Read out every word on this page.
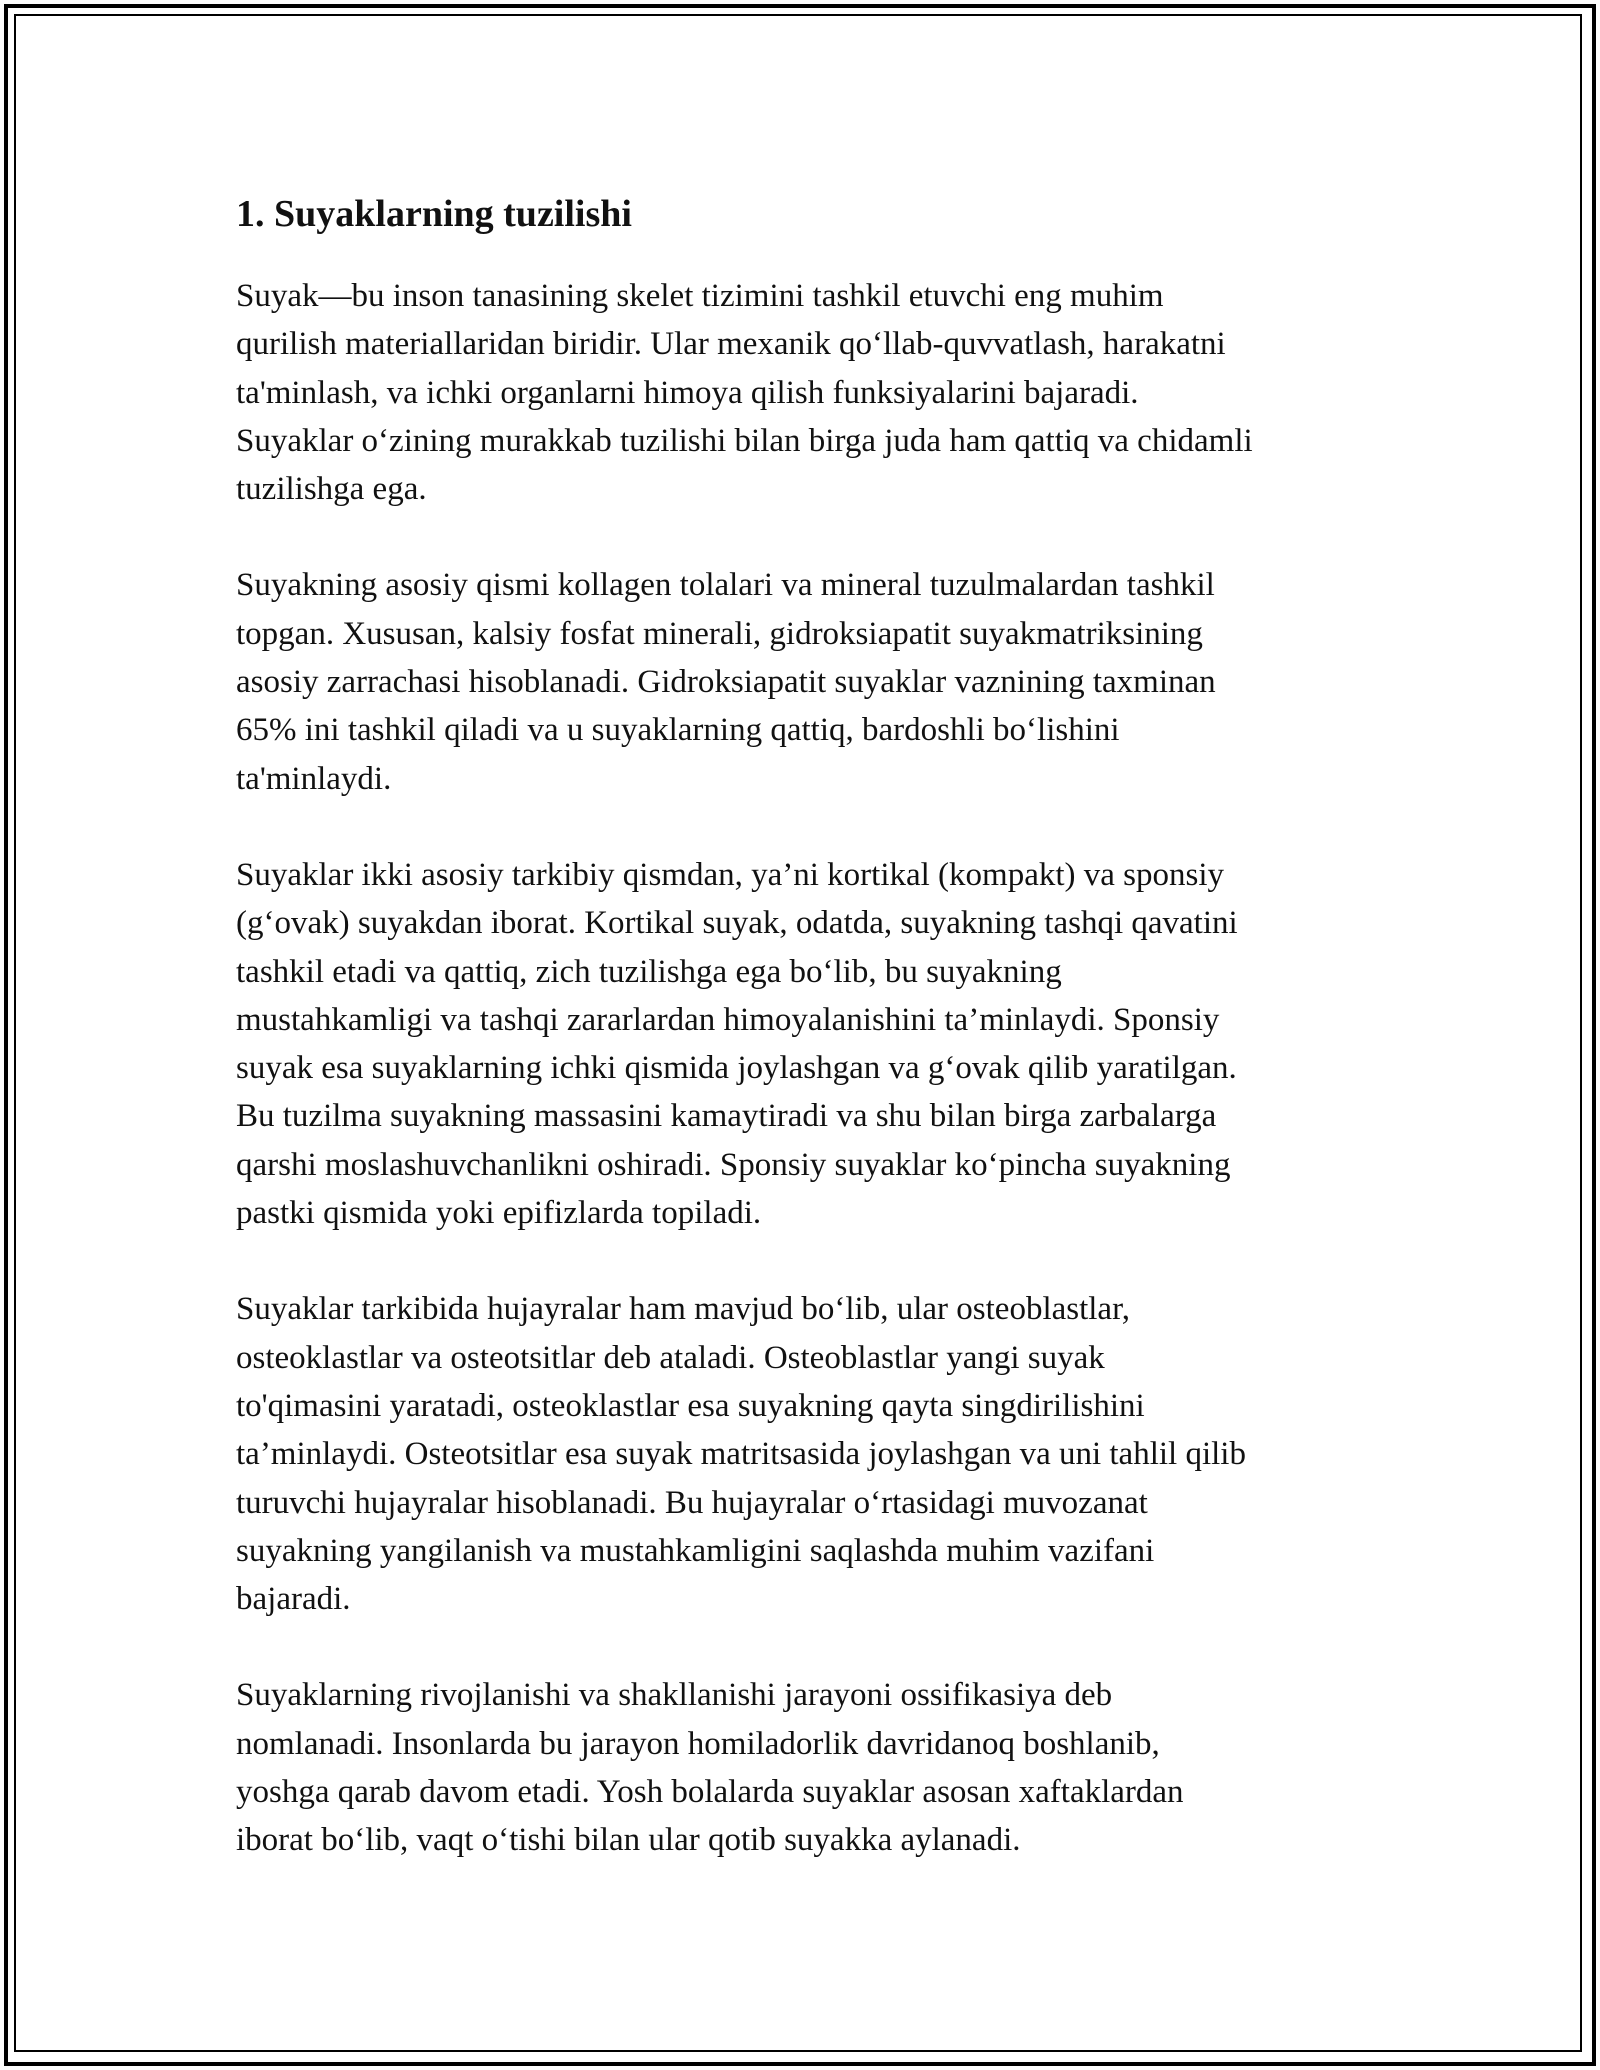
1. Suyaklarning tuzilishi

Suyak—bu inson tanasining skelet tizimini tashkil etuvchi eng muhim
qurilish materiallaridan biridir. Ular mexanik qo‘llab-quvvatlash, harakatni
ta'minlash, va ichki organlarni himoya qilish funksiyalarini bajaradi.
Suyaklar o‘zining murakkab tuzilishi bilan birga juda ham qattiq va chidamli
tuzilishga ega.

Suyakning asosiy qismi kollagen tolalari va mineral tuzulmalardan tashkil
topgan. Xususan, kalsiy fosfat minerali, gidroksiapatit suyakmatriksining
asosiy zarrachasi hisoblanadi. Gidroksiapatit suyaklar vaznining taxminan
65% ini tashkil qiladi va u suyaklarning qattiq, bardoshli bo‘lishini
ta'minlaydi.

Suyaklar ikki asosiy tarkibiy qismdan, ya’ni kortikal (kompakt) va sponsiy
(g‘ovak) suyakdan iborat. Kortikal suyak, odatda, suyakning tashqi qavatini
tashkil etadi va qattiq, zich tuzilishga ega bo‘lib, bu suyakning
mustahkamligi va tashqi zararlardan himoyalanishini ta’minlaydi. Sponsiy
suyak esa suyaklarning ichki qismida joylashgan va g‘ovak qilib yaratilgan.
Bu tuzilma suyakning massasini kamaytiradi va shu bilan birga zarbalarga
qarshi moslashuvchanlikni oshiradi. Sponsiy suyaklar ko‘pincha suyakning
pastki qismida yoki epifizlarda topiladi.

Suyaklar tarkibida hujayralar ham mavjud bo‘lib, ular osteoblastlar,
osteoklastlar va osteotsitlar deb ataladi. Osteoblastlar yangi suyak
to'qimasini yaratadi, osteoklastlar esa suyakning qayta singdirilishini
ta’minlaydi. Osteotsitlar esa suyak matritsasida joylashgan va uni tahlil qilib
turuvchi hujayralar hisoblanadi. Bu hujayralar o‘rtasidagi muvozanat
suyakning yangilanish va mustahkamligini saqlashda muhim vazifani
bajaradi.

Suyaklarning rivojlanishi va shakllanishi jarayoni ossifikasiya deb
nomlanadi. Insonlarda bu jarayon homiladorlik davridanoq boshlanib,
yoshga qarab davom etadi. Yosh bolalarda suyaklar asosan xaftaklardan
iborat bo‘lib, vaqt o‘tishi bilan ular qotib suyakka aylanadi.
